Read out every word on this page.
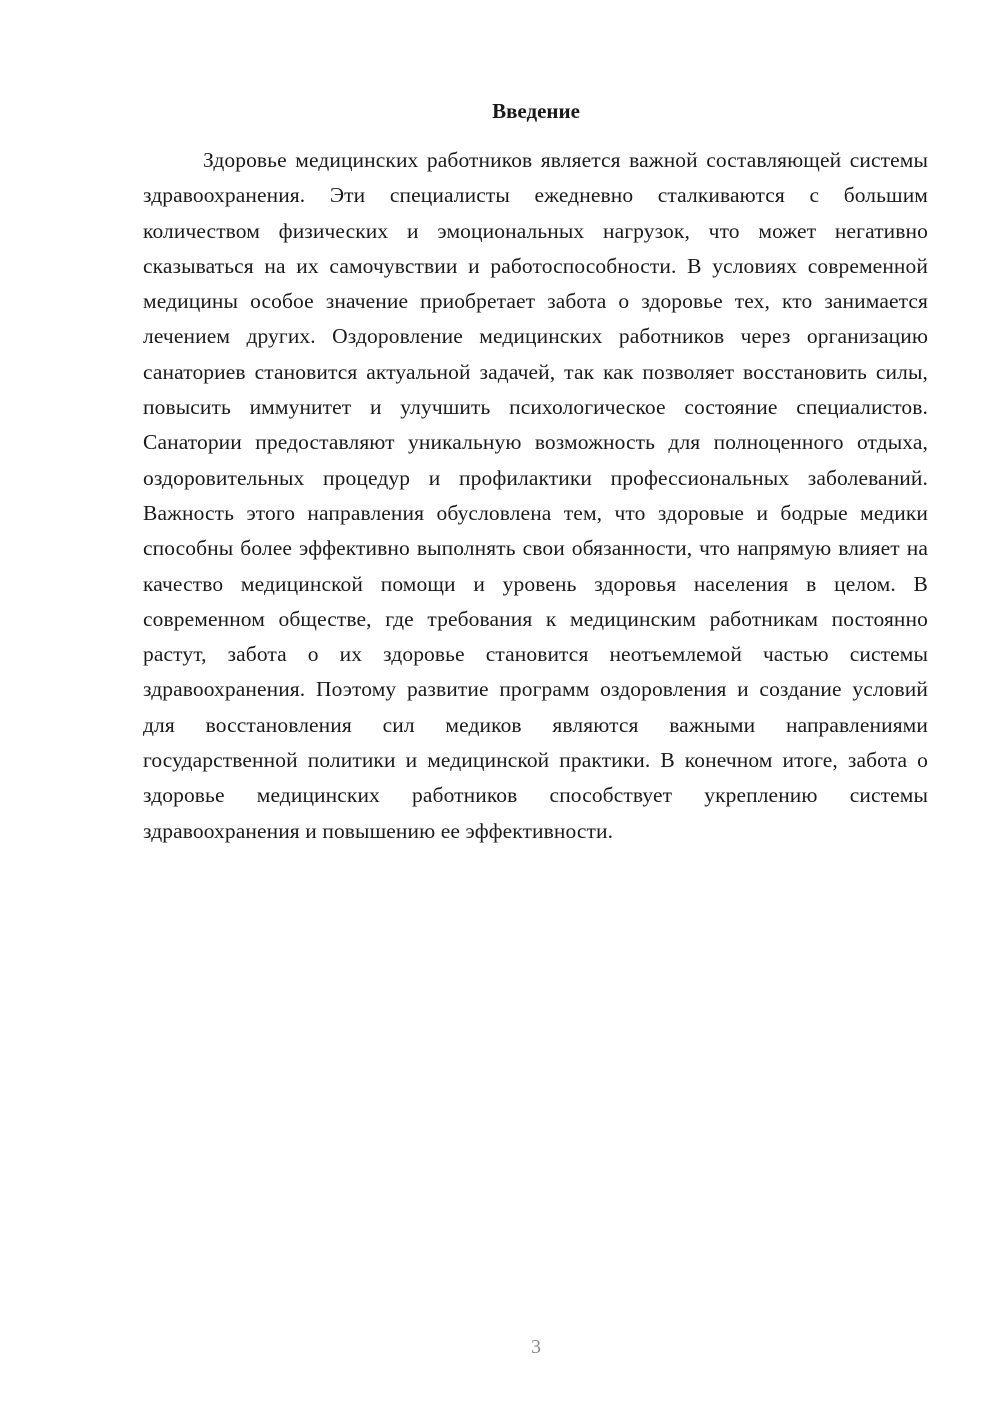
Введение

Здоровье медицинских работников является важной составляющей системы здравоохранения. Эти специалисты ежедневно сталкиваются с большим количеством физических и эмоциональных нагрузок, что может негативно сказываться на их самочувствии и работоспособности. В условиях современной медицины особое значение приобретает забота о здоровье тех, кто занимается лечением других. Оздоровление медицинских работников через организацию санаториев становится актуальной задачей, так как позволяет восстановить силы, повысить иммунитет и улучшить психологическое состояние специалистов. Санатории предоставляют уникальную возможность для полноценного отдыха, оздоровительных процедур и профилактики профессиональных заболеваний. Важность этого направления обусловлена тем, что здоровые и бодрые медики способны более эффективно выполнять свои обязанности, что напрямую влияет на качество медицинской помощи и уровень здоровья населения в целом. В современном обществе, где требования к медицинским работникам постоянно растут, забота о их здоровье становится неотъемлемой частью системы здравоохранения. Поэтому развитие программ оздоровления и создание условий для восстановления сил медиков являются важными направлениями государственной политики и медицинской практики. В конечном итоге, забота о здоровье медицинских работников способствует укреплению системы здравоохранения и повышению ее эффективности.

3
